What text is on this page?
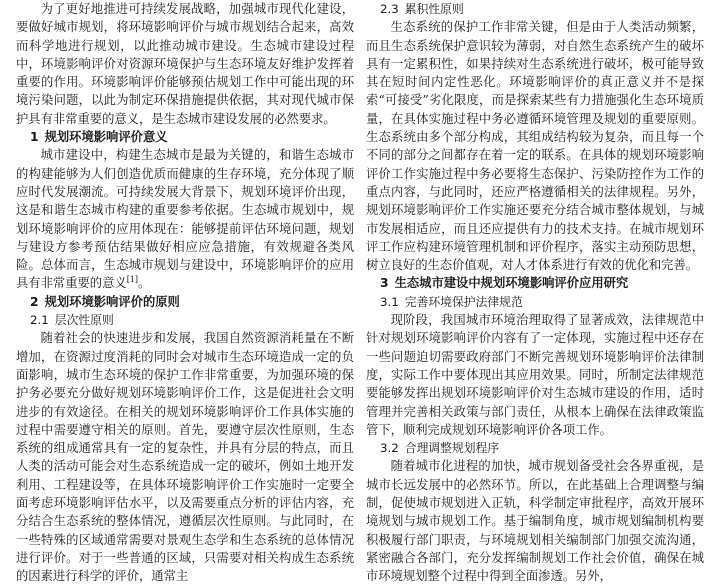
为了更好地推进可持续发展战略，加强城市现代化建设，要做好城市规划，将环境影响评价与城市规划结合起来，高效而科学地进行规划，以此推动城市建设。生态城市建设过程中，环境影响评价对资源环境保护与生态环境友好维护发挥着重要的作用。环境影响评价能够预估规划工作中可能出现的环境污染问题，以此为制定环保措施提供依据，其对现代城市保护具有非常重要的意义，是生态城市建设发展的必然要求。

1 规划环境影响评价意义

城市建设中，构建生态城市是最为关键的，和谐生态城市的构建能够为人们创造优质而健康的生存环境，充分体现了顺应时代发展潮流。可持续发展大背景下，规划环境评价出现，这是和谐生态城市构建的重要参考依据。生态城市规划中，规划环境影响评价的应用体现在：能够提前评估环境问题，规划与建设方参考预估结果做好相应应急措施，有效规避各类风险。总体而言，生态城市规划与建设中，环境影响评价的应用具有非常重要的意义[1]。

2 规划环境影响评价的原则
2.1 层次性原则

随着社会的快速进步和发展，我国自然资源消耗量在不断增加，在资源过度消耗的同时会对城市生态环境造成一定的负面影响，城市生态环境的保护工作非常重要，为加强环境的保护务必要充分做好规划环境影响评价工作，这是促进社会文明进步的有效途径。在相关的规划环境影响评价工作具体实施的过程中需要遵守相关的原则。首先，要遵守层次性原则，生态系统的组成通常具有一定的复杂性，并具有分层的特点，而且人类的活动可能会对生态系统造成一定的破坏，例如土地开发利用、工程建设等，在具体环境影响评价工作实施时一定要全面考虑环境影响评估水平，以及需要重点分析的评估内容，充分结合生态系统的整体情况，遵循层次性原则。与此同时，在一些特殊的区域通常需要对景观生态学和生态系统的总体情况进行评价。对于一些普通的区域，只需要对相关构成生态系统的因素进行科学的评价，通常主

2.3 累积性原则

生态系统的保护工作非常关键，但是由于人类活动频繁，而且生态系统保护意识较为薄弱，对自然生态系统产生的破坏具有一定累积性，如果持续对生态系统进行破坏，极可能导致其在短时间内定性恶化。环境影响评价的真正意义并不是探索“可接受”劣化限度，而是探索某些有力措施强化生态环境质量，在具体实施过程中务必遵循环境管理及规划的重要原则。生态系统由多个部分构成，其组成结构较为复杂，而且每一个不同的部分之间都存在着一定的联系。在具体的规划环境影响评价工作实施过程中务必要将生态保护、污染防控作为工作的重点内容，与此同时，还应严格遵循相关的法律规程。另外，规划环境影响评价工作实施还要充分结合城市整体规划，与城市发展相适应，而且还应提供有力的技术支持。在城市规划环评工作应构建环境管理机制和评价程序，落实主动预防思想，树立良好的生态价值观，对人才体系进行有效的优化和完善。

3 生态城市建设中规划环境影响评价应用研究
3.1 完善环境保护法律规范

现阶段，我国城市环境治理取得了显著成效，法律规范中针对规划环境影响评价内容有了一定体现，实施过程中还存在一些问题迫切需要政府部门不断完善规划环境影响评价法律制度，实际工作中要体现出其应用效果。同时，所制定法律规范要能够发挥出规划环境影响评价对生态城市建设的作用，适时管理并完善相关政策与部门责任，从根本上确保在法律政策监管下，顺利完成规划环境影响评价各项工作。

3.2 合理调整规划程序

随着城市化进程的加快，城市规划备受社会各界重视，是城市长远发展中的必然环节。所以，在此基础上合理调整与编制，促使城市规划进入正轨，科学制定审批程序，高效开展环境规划与城市规划工作。基于编制角度，城市规划编制机构要积极履行部门职责，与环境规划相关编制部门加强交流沟通，紧密融合各部门，充分发挥编制规划工作社会价值，确保在城市环境规划整个过程中得到全面渗透。另外，
